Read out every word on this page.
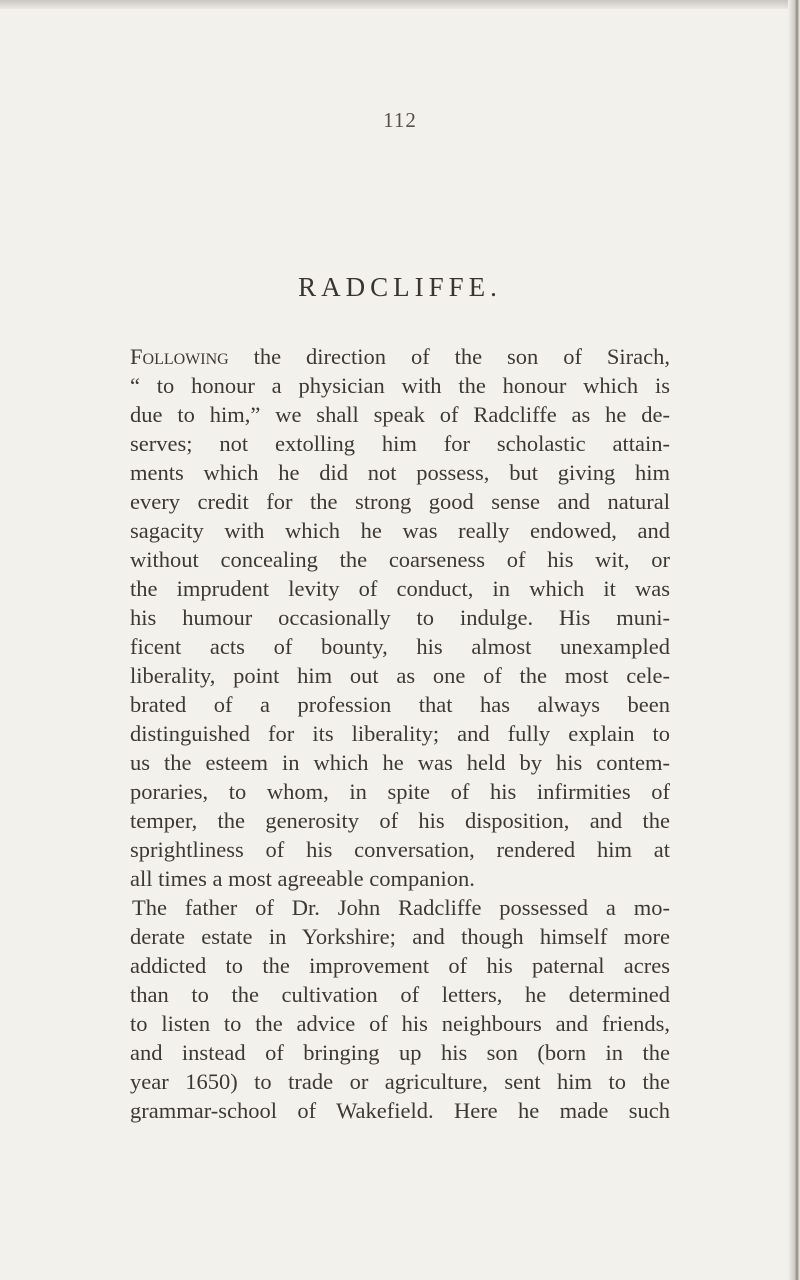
112
RADCLIFFE.
Following the direction of the son of Sirach,
“ to honour a physician with the honour which is
due to him,” we shall speak of Radcliffe as he de-
serves; not extolling him for scholastic attain-
ments which he did not possess, but giving him
every credit for the strong good sense and natural
sagacity with which he was really endowed, and
without concealing the coarseness of his wit, or
the imprudent levity of conduct, in which it was
his humour occasionally to indulge. His muni-
ficent acts of bounty, his almost unexampled
liberality, point him out as one of the most cele-
brated of a profession that has always been
distinguished for its liberality; and fully explain to
us the esteem in which he was held by his contem-
poraries, to whom, in spite of his infirmities of
temper, the generosity of his disposition, and the
sprightliness of his conversation, rendered him at
all times a most agreeable companion.
The father of Dr. John Radcliffe possessed a mo-
derate estate in Yorkshire; and though himself more
addicted to the improvement of his paternal acres
than to the cultivation of letters, he determined
to listen to the advice of his neighbours and friends,
and instead of bringing up his son (born in the
year 1650) to trade or agriculture, sent him to the
grammar-school of Wakefield. Here he made such
